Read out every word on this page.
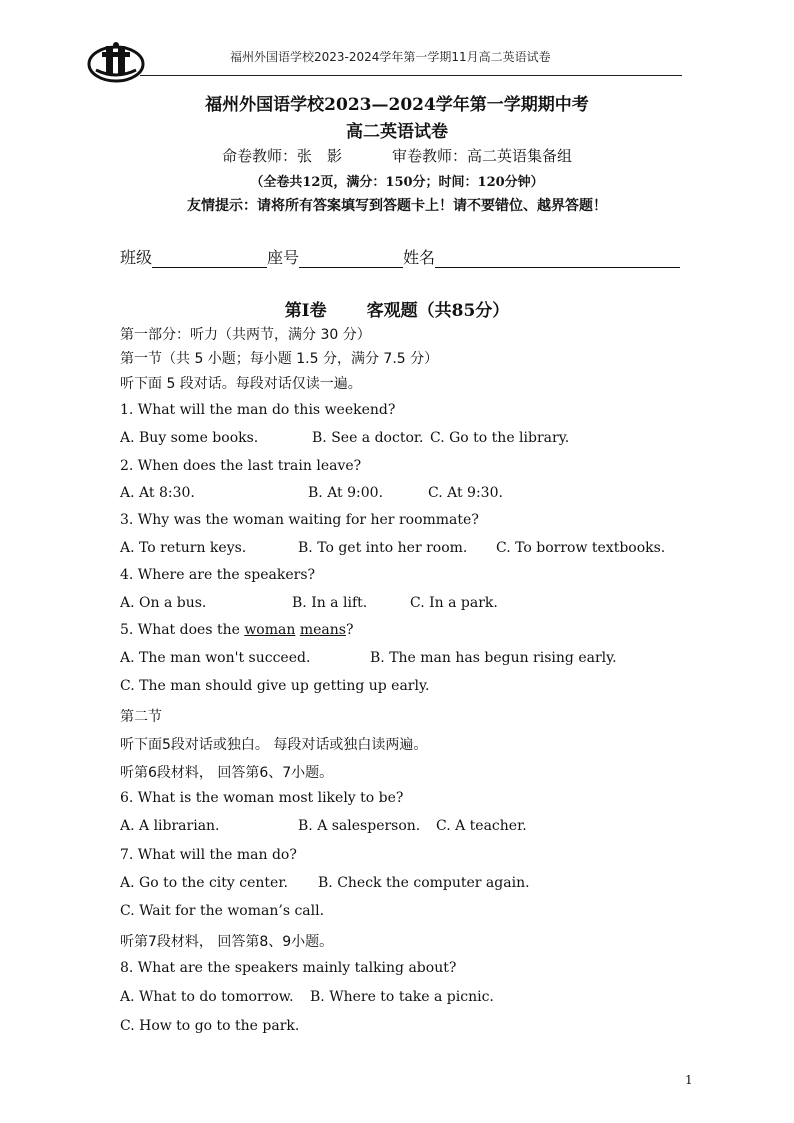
福州外国语学校2023-2024学年第一学期11月高二英语试卷
福州外国语学校2023—2024学年第一学期期中考
高二英语试卷
命卷教师：张　影	审卷教师：高二英语集备组
（全卷共12页，满分：150分；时间：120分钟）
友情提示：请将所有答案填写到答题卡上！请不要错位、越界答题！
班级	座号	姓名
第Ⅰ卷 客观题（共85分）
第一部分：听力（共两节，满分 30 分）
第一节（共 5 小题；每小题 1.5 分，满分 7.5 分）
听下面 5 段对话。每段对话仅读一遍。
1. What will the man do this weekend?
A. Buy some books.	B. See a doctor. C. Go to the library.
2. When does the last train leave?
A. At 8:30.	B. At 9:00.	C. At 9:30.
3. Why was the woman waiting for her roommate?
A. To return keys.	B. To get into her room. C. To borrow textbooks.
4. Where are the speakers?
A. On a bus.	B. In a lift.	C. In a park.
5. What does the woman means?
A. The man won't succeed.	B. The man has begun rising early.
C. The man should give up getting up early.
第二节
听下面5段对话或独白。 每段对话或独白读两遍。
听第6段材料， 回答第6、7小题。
6. What is the woman most likely to be?
A. A librarian.	B. A salesperson. C. A teacher.
7. What will the man do?
A. Go to the city center. B. Check the computer again.
C. Wait for the woman’s call.
听第7段材料， 回答第8、9小题。
8. What are the speakers mainly talking about?
A. What to do tomorrow. B. Where to take a picnic.
C. How to go to the park.
1
